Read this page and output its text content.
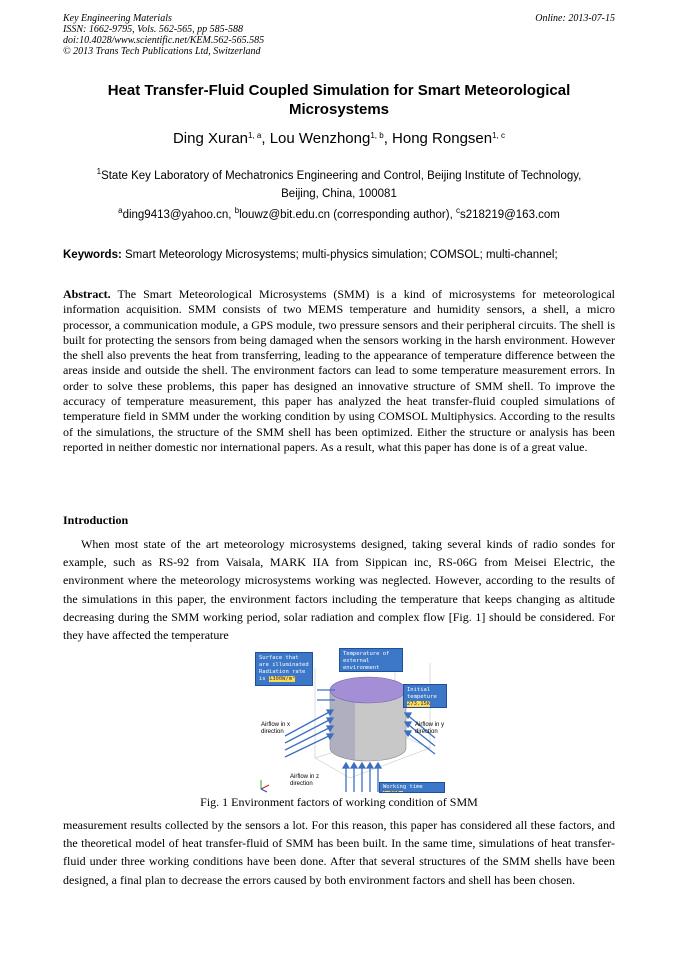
Key Engineering Materials
ISSN: 1662-9795, Vols. 562-565, pp 585-588
doi:10.4028/www.scientific.net/KEM.562-565.585
© 2013 Trans Tech Publications Ltd, Switzerland
Online: 2013-07-15
Heat Transfer-Fluid Coupled Simulation for Smart Meteorological
Microsystems
Ding Xuran$^{1, a}$, Lou Wenzhong$^{1, b}$, Hong Rongsen$^{1, c}$
$^1$State Key Laboratory of Mechatronics Engineering and Control, Beijing Institute of Technology,
Beijing, China, 100081
$^a$ding9413@yahoo.cn, $^b$louwz@bit.edu.cn (corresponding author), $^c$s218219@163.com
Keywords: Smart Meteorology Microsystems; multi-physics simulation; COMSOL; multi-channel;
Abstract. The Smart Meteorological Microsystems (SMM) is a kind of microsystems for meteorological information acquisition. SMM consists of two MEMS temperature and humidity sensors, a shell, a micro processor, a communication module, a GPS module, two pressure sensors and their peripheral circuits. The shell is built for protecting the sensors from being damaged when the sensors working in the harsh environment. However the shell also prevents the heat from transferring, leading to the appearance of temperature difference between the areas inside and outside the shell. The environment factors can lead to some temperature measurement errors. In order to solve these problems, this paper has designed an innovative structure of SMM shell. To improve the accuracy of temperature measurement, this paper has analyzed the heat transfer-fluid coupled simulations of temperature field in SMM under the working condition by using COMSOL Multiphysics. According to the results of the simulations, the structure of the SMM shell has been optimized. Either the structure or analysis has been reported in neither domestic nor international papers. As a result, what this paper has done is of a great value.
Introduction
When most state of the art meteorology microsystems designed, taking several kinds of radio sondes for example, such as RS-92 from Vaisala, MARK IIA from Sippican inc, RS-06G from Meisei Electric, the environment where the meteorology microsystems working was neglected. However, according to the results of the simulations in this paper, the environment factors including the temperature that keeps changing as altitude decreasing during the SMM working period, solar radiation and complex flow [Fig. 1] should be considered. For they have affected the temperature
Surface that are illuminated Radiation rate is 1300W/m²
Temperature of external environment
Initial tempeture 273.15K
Working time
Airflow in x direction
Airflow in y direction
Airflow in z direction
Fig. 1 Environment factors of working condition of SMM
measurement results collected by the sensors a lot. For this reason, this paper has considered all these factors, and the theoretical model of heat transfer-fluid of SMM has been built. In the same time, simulations of heat transfer-fluid under three working conditions have been done. After that several structures of the SMM shells have been designed, a final plan to decrease the errors caused by both environment factors and shell has been chosen.
